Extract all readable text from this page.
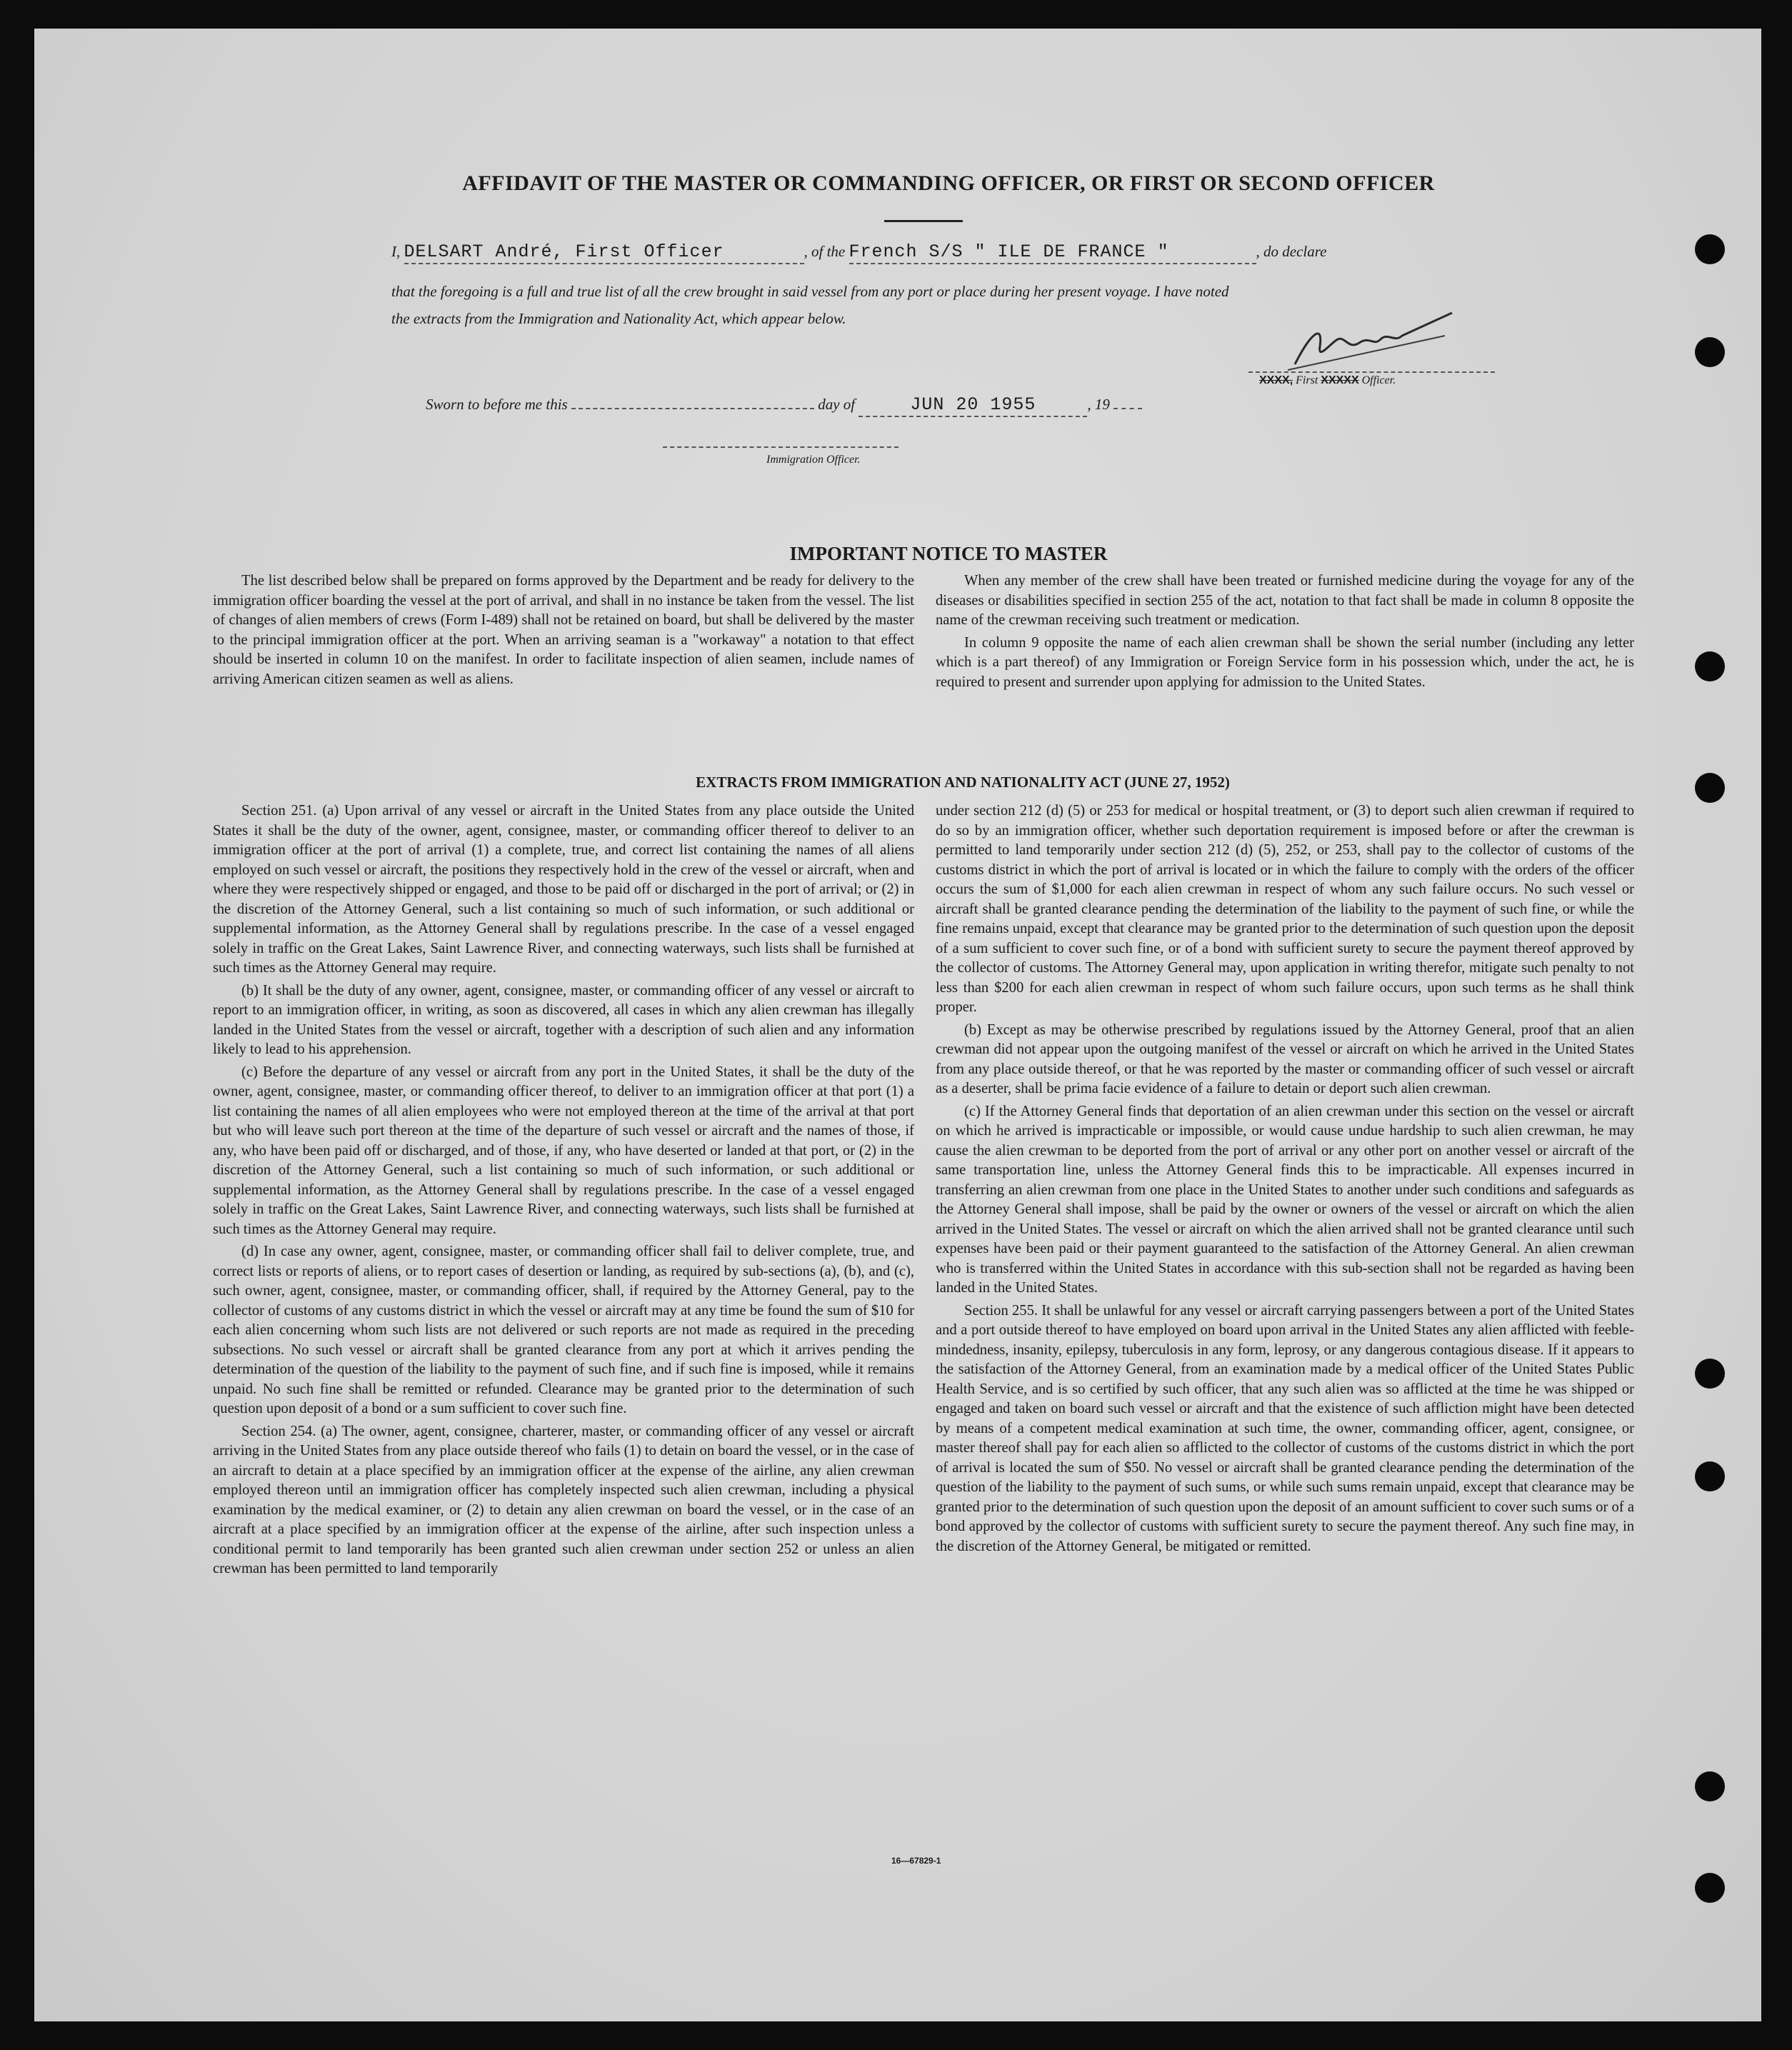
AFFIDAVIT OF THE MASTER OR COMMANDING OFFICER, OR FIRST OR SECOND OFFICER
I, DELSART André, First Officer	, of the French S/S " ILE DE FRANCE "	, do declare
that the foregoing is a full and true list of all the crew brought in said vessel from any port or place during her present voyage. I have noted
the extracts from the Immigration and Nationality Act, which appear below.
XXXX, First XXXXX Officer.
Sworn to before me this	day of	JUN 20 1955	, 19
Immigration Officer.
IMPORTANT NOTICE TO MASTER

The list described below shall be prepared on forms approved by the Department and be ready for delivery to the immigration officer boarding the vessel at the port of arrival, and shall in no instance be taken from the vessel. The list of changes of alien members of crews (Form I-489) shall not be retained on board, but shall be delivered by the master to the principal immigration officer at the port. When an arriving seaman is a "workaway" a notation to that effect should be inserted in column 10 on the manifest. In order to facilitate inspection of alien seamen, include names of arriving American citizen seamen as well as aliens.

When any member of the crew shall have been treated or furnished medicine during the voyage for any of the diseases or disabilities specified in section 255 of the act, notation to that fact shall be made in column 8 opposite the name of the crewman receiving such treatment or medication.

In column 9 opposite the name of each alien crewman shall be shown the serial number (including any letter which is a part thereof) of any Immigration or Foreign Service form in his possession which, under the act, he is required to present and surrender upon applying for admission to the United States.

EXTRACTS FROM IMMIGRATION AND NATIONALITY ACT (JUNE 27, 1952)

Section 251. (a) Upon arrival of any vessel or aircraft in the United States from any place outside the United States it shall be the duty of the owner, agent, consignee, master, or commanding officer thereof to deliver to an immigration officer at the port of arrival (1) a complete, true, and correct list containing the names of all aliens employed on such vessel or aircraft, the positions they respectively hold in the crew of the vessel or aircraft, when and where they were respectively shipped or engaged, and those to be paid off or discharged in the port of arrival; or (2) in the discretion of the Attorney General, such a list containing so much of such information, or such additional or supplemental information, as the Attorney General shall by regulations prescribe. In the case of a vessel engaged solely in traffic on the Great Lakes, Saint Lawrence River, and connecting waterways, such lists shall be furnished at such times as the Attorney General may require.

(b) It shall be the duty of any owner, agent, consignee, master, or commanding officer of any vessel or aircraft to report to an immigration officer, in writing, as soon as discovered, all cases in which any alien crewman has illegally landed in the United States from the vessel or aircraft, together with a description of such alien and any information likely to lead to his apprehension.

(c) Before the departure of any vessel or aircraft from any port in the United States, it shall be the duty of the owner, agent, consignee, master, or commanding officer thereof, to deliver to an immigration officer at that port (1) a list containing the names of all alien employees who were not employed thereon at the time of the arrival at that port but who will leave such port thereon at the time of the departure of such vessel or aircraft and the names of those, if any, who have been paid off or discharged, and of those, if any, who have deserted or landed at that port, or (2) in the discretion of the Attorney General, such a list containing so much of such information, or such additional or supplemental information, as the Attorney General shall by regulations prescribe. In the case of a vessel engaged solely in traffic on the Great Lakes, Saint Lawrence River, and connecting waterways, such lists shall be furnished at such times as the Attorney General may require.

(d) In case any owner, agent, consignee, master, or commanding officer shall fail to deliver complete, true, and correct lists or reports of aliens, or to report cases of desertion or landing, as required by sub-sections (a), (b), and (c), such owner, agent, consignee, master, or commanding officer, shall, if required by the Attorney General, pay to the collector of customs of any customs district in which the vessel or aircraft may at any time be found the sum of $10 for each alien concerning whom such lists are not delivered or such reports are not made as required in the preceding subsections. No such vessel or aircraft shall be granted clearance from any port at which it arrives pending the determination of the question of the liability to the payment of such fine, and if such fine is imposed, while it remains unpaid. No such fine shall be remitted or refunded. Clearance may be granted prior to the determination of such question upon deposit of a bond or a sum sufficient to cover such fine.

Section 254. (a) The owner, agent, consignee, charterer, master, or commanding officer of any vessel or aircraft arriving in the United States from any place outside thereof who fails (1) to detain on board the vessel, or in the case of an aircraft to detain at a place specified by an immigration officer at the expense of the airline, any alien crewman employed thereon until an immigration officer has completely inspected such alien crewman, including a physical examination by the medical examiner, or (2) to detain any alien crewman on board the vessel, or in the case of an aircraft at a place specified by an immigration officer at the expense of the airline, after such inspection unless a conditional permit to land temporarily has been granted such alien crewman under section 252 or unless an alien crewman has been permitted to land temporarily

under section 212 (d) (5) or 253 for medical or hospital treatment, or (3) to deport such alien crewman if required to do so by an immigration officer, whether such deportation requirement is imposed before or after the crewman is permitted to land temporarily under section 212 (d) (5), 252, or 253, shall pay to the collector of customs of the customs district in which the port of arrival is located or in which the failure to comply with the orders of the officer occurs the sum of $1,000 for each alien crewman in respect of whom any such failure occurs. No such vessel or aircraft shall be granted clearance pending the determination of the liability to the payment of such fine, or while the fine remains unpaid, except that clearance may be granted prior to the determination of such question upon the deposit of a sum sufficient to cover such fine, or of a bond with sufficient surety to secure the payment thereof approved by the collector of customs. The Attorney General may, upon application in writing therefor, mitigate such penalty to not less than $200 for each alien crewman in respect of whom such failure occurs, upon such terms as he shall think proper.

(b) Except as may be otherwise prescribed by regulations issued by the Attorney General, proof that an alien crewman did not appear upon the outgoing manifest of the vessel or aircraft on which he arrived in the United States from any place outside thereof, or that he was reported by the master or commanding officer of such vessel or aircraft as a deserter, shall be prima facie evidence of a failure to detain or deport such alien crewman.

(c) If the Attorney General finds that deportation of an alien crewman under this section on the vessel or aircraft on which he arrived is impracticable or impossible, or would cause undue hardship to such alien crewman, he may cause the alien crewman to be deported from the port of arrival or any other port on another vessel or aircraft of the same transportation line, unless the Attorney General finds this to be impracticable. All expenses incurred in transferring an alien crewman from one place in the United States to another under such conditions and safeguards as the Attorney General shall impose, shall be paid by the owner or owners of the vessel or aircraft on which the alien arrived in the United States. The vessel or aircraft on which the alien arrived shall not be granted clearance until such expenses have been paid or their payment guaranteed to the satisfaction of the Attorney General. An alien crewman who is transferred within the United States in accordance with this sub-section shall not be regarded as having been landed in the United States.

Section 255. It shall be unlawful for any vessel or aircraft carrying passengers between a port of the United States and a port outside thereof to have employed on board upon arrival in the United States any alien afflicted with feeble-mindedness, insanity, epilepsy, tuberculosis in any form, leprosy, or any dangerous contagious disease. If it appears to the satisfaction of the Attorney General, from an examination made by a medical officer of the United States Public Health Service, and is so certified by such officer, that any such alien was so afflicted at the time he was shipped or engaged and taken on board such vessel or aircraft and that the existence of such affliction might have been detected by means of a competent medical examination at such time, the owner, commanding officer, agent, consignee, or master thereof shall pay for each alien so afflicted to the collector of customs of the customs district in which the port of arrival is located the sum of $50. No vessel or aircraft shall be granted clearance pending the determination of the question of the liability to the payment of such sums, or while such sums remain unpaid, except that clearance may be granted prior to the determination of such question upon the deposit of an amount sufficient to cover such sums or of a bond approved by the collector of customs with sufficient surety to secure the payment thereof. Any such fine may, in the discretion of the Attorney General, be mitigated or remitted.

16—67829-1
